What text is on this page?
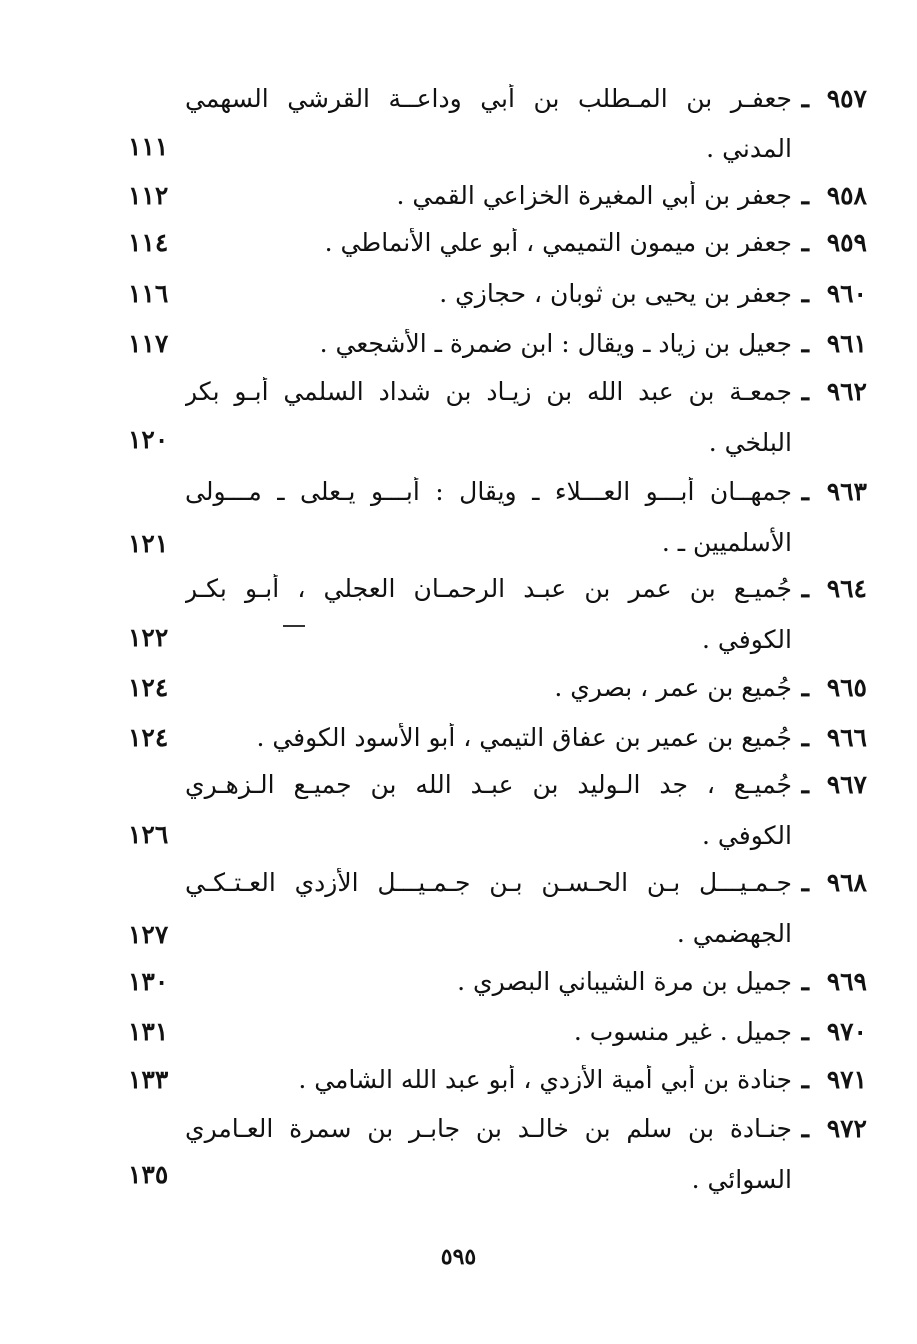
٩٥٧
ـ
جعفـر بن المـطلب بن أبي وداعــة القرشي السهمي
المدني .
١١١
٩٥٨
ـ
جعفر بن أبي المغيرة الخزاعي القمي .
١١٢
٩٥٩
ـ
جعفر بن ميمون التميمي ، أبو علي الأنماطي .
١١٤
٩٦٠
ـ
جعفر بن يحيى بن ثوبان ، حجازي .
١١٦
٩٦١
ـ
جعيل بن زياد ـ ويقال : ابن ضمرة ـ الأشجعي .
١١٧
٩٦٢
ـ
جمعـة بن عبد الله بن زيـاد بن شداد السلمي أبـو بكر
البلخي .
١٢٠
٩٦٣
ـ
جمهــان أبـــو العـــلاء ـ ويقال : أبـــو يـعلى ـ مـــولى
الأسلميين ـ .
١٢١
٩٦٤
ـ
جُميـع بن عمر بن عبـد الرحمـان العجلي ، أبـو بكـر
الكوفي .
١٢٢
٩٦٥
ـ
جُميع بن عمر ، بصري .
١٢٤
٩٦٦
ـ
جُميع بن عمير بن عفاق التيمي ، أبو الأسود الكوفي .
١٢٤
٩٦٧
ـ
جُميـع ، جد الـوليد بن عبـد الله بن جميـع الـزهـري
الكوفي .
١٢٦
٩٦٨
ـ
جـمـيـــل بـن الحـسـن بـن جـمـيـــل الأزدي العـتـكـي
الجهضمي .
١٢٧
٩٦٩
ـ
جميل بن مرة الشيباني البصري .
١٣٠
٩٧٠
ـ
جميل . غير منسوب .
١٣١
٩٧١
ـ
جنادة بن أبي أمية الأزدي ، أبو عبد الله الشامي .
١٣٣
٩٧٢
ـ
جنـادة بن سلم بن خالـد بن جابـر بن سمرة العـامري
السوائي .
١٣٥
٥٩٥
